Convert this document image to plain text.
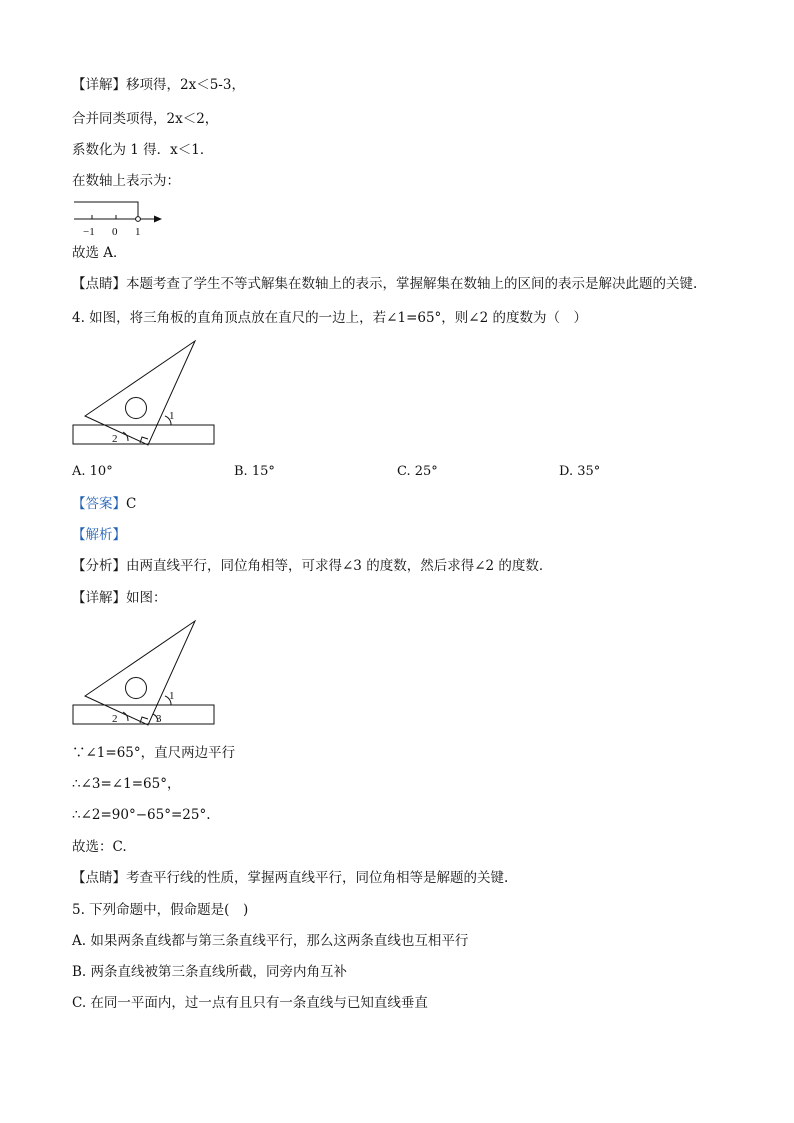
【详解】移项得，2x＜5-3，
合并同类项得，2x＜2，
系数化为 1 得．x＜1．
在数轴上表示为：
−1 0 1
故选 A．
【点睛】本题考查了学生不等式解集在数轴上的表示，掌握解集在数轴上的区间的表示是解决此题的关键.
4. 如图，将三角板的直角顶点放在直尺的一边上，若∠1=65°，则∠2 的度数为（　）
1
2
A. 10°	B. 15°	C. 25°	D. 35°
【答案】C
【解析】
【分析】由两直线平行，同位角相等，可求得∠3 的度数，然后求得∠2 的度数．
【详解】如图：
1
2	3
∵∠1=65°，直尺两边平行
∴∠3=∠1=65°，
∴∠2=90°−65°=25°.
故选：C.
【点睛】考查平行线的性质，掌握两直线平行，同位角相等是解题的关键.
5. 下列命题中，假命题是(　)
A. 如果两条直线都与第三条直线平行，那么这两条直线也互相平行
B. 两条直线被第三条直线所截，同旁内角互补
C. 在同一平面内，过一点有且只有一条直线与已知直线垂直
